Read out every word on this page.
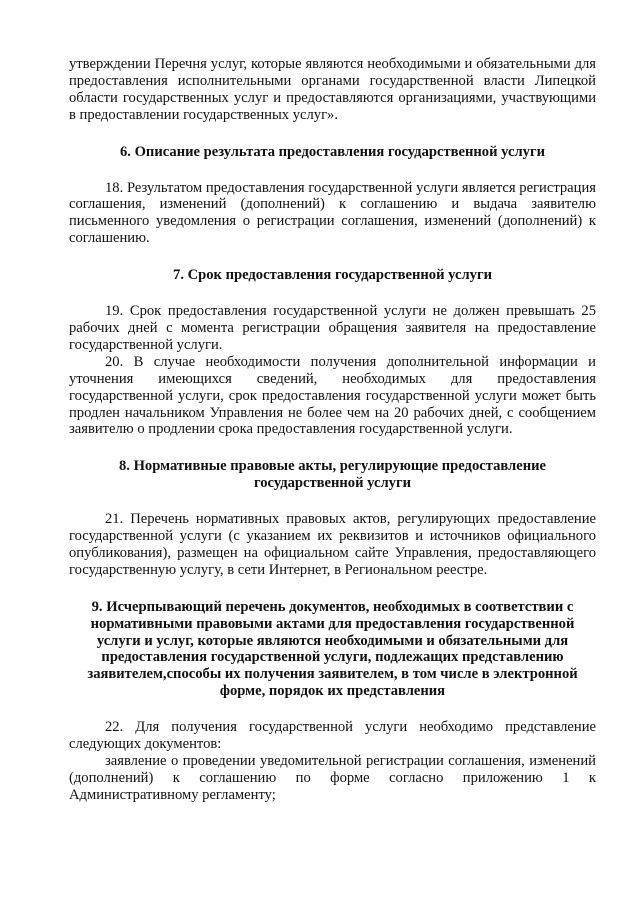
утверждении Перечня услуг, которые являются необходимыми и обязательными для предоставления исполнительными органами государственной власти Липецкой области государственных услуг и предоставляются организациями, участвующими в предоставлении государственных услуг».

6. Описание результата предоставления государственной услуги

18. Результатом предоставления государственной услуги является регистрация соглашения, изменений (дополнений) к соглашению и выдача заявителю письменного уведомления о регистрации соглашения, изменений (дополнений) к соглашению.

7. Срок предоставления государственной услуги

19. Срок предоставления государственной услуги не должен превышать 25 рабочих дней с момента регистрации обращения заявителя на предоставление государственной услуги.

20. В случае необходимости получения дополнительной информации и уточнения имеющихся сведений, необходимых для предоставления государственной услуги, срок предоставления государственной услуги может быть продлен начальником Управления не более чем на 20 рабочих дней, с сообщением заявителю о продлении срока предоставления государственной услуги.

8. Нормативные правовые акты, регулирующие предоставление
государственной услуги

21. Перечень нормативных правовых актов, регулирующих предоставление государственной услуги (с указанием их реквизитов и источников официального опубликования), размещен на официальном сайте Управления, предоставляющего государственную услугу, в сети Интернет, в Региональном реестре.

9. Исчерпывающий перечень документов, необходимых в соответствии с
нормативными правовыми актами для предоставления государственной
услуги и услуг, которые являются необходимыми и обязательными для
предоставления государственной услуги, подлежащих представлению
заявителем,способы их получения заявителем, в том числе в электронной
форме, порядок их представления

22. Для получения государственной услуги необходимо представление следующих документов:

заявление о проведении уведомительной регистрации соглашения, изменений (дополнений) к соглашению по форме согласно приложению 1 к Административному регламенту;
